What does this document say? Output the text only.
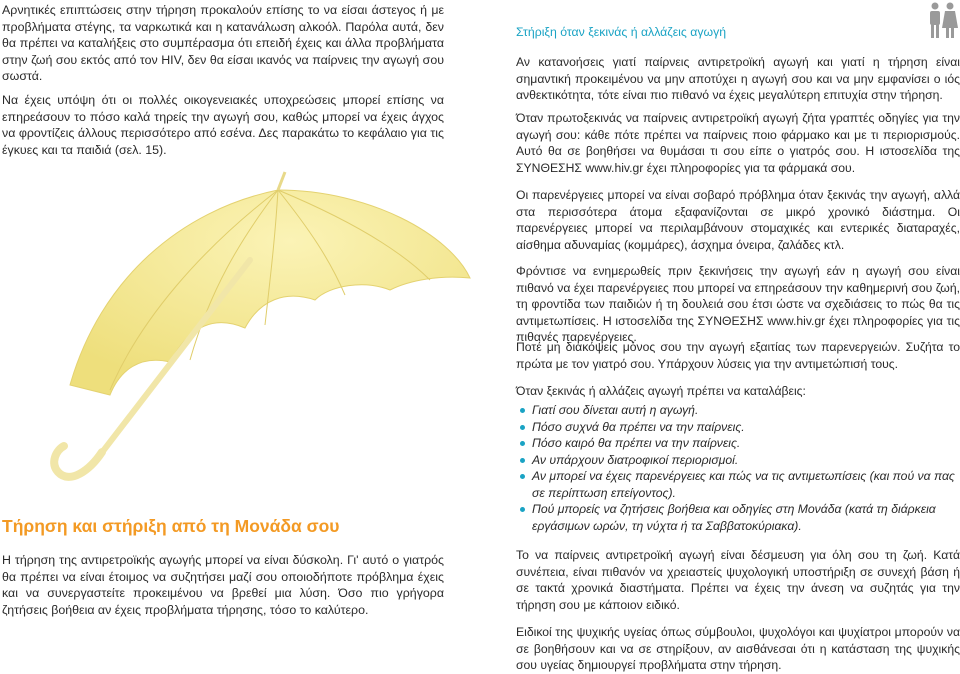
Αρνητικές επιπτώσεις στην τήρηση προκαλούν επίσης το να είσαι άστεγος ή με προβλήματα στέγης, τα ναρκωτικά και η κατανάλωση αλκοόλ. Παρόλα αυτά, δεν θα πρέπει να καταλήξεις στο συμπέρασμα ότι επειδή έχεις και άλλα προβλήματα στην ζωή σου εκτός από τον HIV, δεν θα είσαι ικανός να παίρνεις την αγωγή σου σωστά.

Να έχεις υπόψη ότι οι πολλές οικογενειακές υποχρεώσεις μπορεί επίσης να επηρεάσουν το πόσο καλά τηρείς την αγωγή σου, καθώς μπορεί να έχεις άγχος να φροντίζεις άλλους περισσότερο από εσένα. Δες παρακάτω το κεφάλαιο για τις έγκυες και τα παιδιά (σελ. 15).

Τήρηση και στήριξη από τη Μονάδα σου

Η τήρηση της αντιρετροϊκής αγωγής μπορεί να είναι δύσκολη. Γι' αυτό ο γιατρός θα πρέπει να είναι έτοιμος να συζητήσει μαζί σου οποιοδήποτε πρόβλημα έχεις και να συνεργαστείτε προκειμένου να βρεθεί μια λύση. Όσο πιο γρήγορα ζητήσεις βοήθεια αν έχεις προβλήματα τήρησης, τόσο το καλύτερο.

Στήριξη όταν ξεκινάς ή αλλάζεις αγωγή

Αν κατανοήσεις γιατί παίρνεις αντιρετροϊκή αγωγή και γιατί η τήρηση είναι σημαντική προκειμένου να μην αποτύχει η αγωγή σου και να μην εμφανίσει ο ιός ανθεκτικότητα, τότε είναι πιο πιθανό να έχεις μεγαλύτερη επιτυχία στην τήρηση.

Όταν πρωτοξεκινάς να παίρνεις αντιρετροϊκή αγωγή ζήτα γραπτές οδηγίες για την αγωγή σου: κάθε πότε πρέπει να παίρνεις ποιο φάρμακο και με τι περιορισμούς. Αυτό θα σε βοηθήσει να θυμάσαι τι σου είπε ο γιατρός σου. Η ιστοσελίδα της ΣΥΝΘΕΣΗΣ www.hiv.gr έχει πληροφορίες για τα φάρμακά σου.

Οι παρενέργειες μπορεί να είναι σοβαρό πρόβλημα όταν ξεκινάς την αγωγή, αλλά στα περισσότερα άτομα εξαφανίζονται σε μικρό χρονικό διάστημα. Οι παρενέργειες μπορεί να περιλαμβάνουν στομαχικές και εντερικές διαταραχές, αίσθημα αδυναμίας (κομμάρες), άσχημα όνειρα, ζαλάδες κτλ.

Φρόντισε να ενημερωθείς πριν ξεκινήσεις την αγωγή εάν η αγωγή σου είναι πιθανό να έχει παρενέργειες που μπορεί να επηρεάσουν την καθημερινή σου ζωή, τη φροντίδα των παιδιών ή τη δουλειά σου έτσι ώστε να σχεδιάσεις το πώς θα τις αντιμετωπίσεις. Η ιστοσελίδα της ΣΥΝΘΕΣΗΣ www.hiv.gr έχει πληροφορίες για τις πιθανές παρενέργειες.

Ποτέ μη διακόψεις μόνος σου την αγωγή εξαιτίας των παρενεργειών. Συζήτα το πρώτα με τον γιατρό σου. Υπάρχουν λύσεις για την αντιμετώπισή τους.

Όταν ξεκινάς ή αλλάζεις αγωγή πρέπει να καταλάβεις:
Γιατί σου δίνεται αυτή η αγωγή.
Πόσο συχνά θα πρέπει να την παίρνεις.
Πόσο καιρό θα πρέπει να την παίρνεις.
Αν υπάρχουν διατροφικοί περιορισμοί.
Αν μπορεί να έχεις παρενέργειες και πώς να τις αντιμετωπίσεις (και πού να πας σε περίπτωση επείγοντος).
Πού μπορείς να ζητήσεις βοήθεια και οδηγίες στη Μονάδα (κατά τη διάρκεια εργάσιμων ωρών, τη νύχτα ή τα Σαββατοκύριακα).

Το να παίρνεις αντιρετροϊκή αγωγή είναι δέσμευση για όλη σου τη ζωή. Κατά συνέπεια, είναι πιθανόν να χρειαστείς ψυχολογική υποστήριξη σε συνεχή βάση ή σε τακτά χρονικά διαστήματα. Πρέπει να έχεις την άνεση να συζητάς για την τήρηση σου με κάποιον ειδικό.

Ειδικοί της ψυχικής υγείας όπως σύμβουλοι, ψυχολόγοι και ψυχίατροι μπορούν να σε βοηθήσουν και να σε στηρίξουν, αν αισθάνεσαι ότι η κατάσταση της ψυχικής σου υγείας δημιουργεί προβλήματα στην τήρηση.
